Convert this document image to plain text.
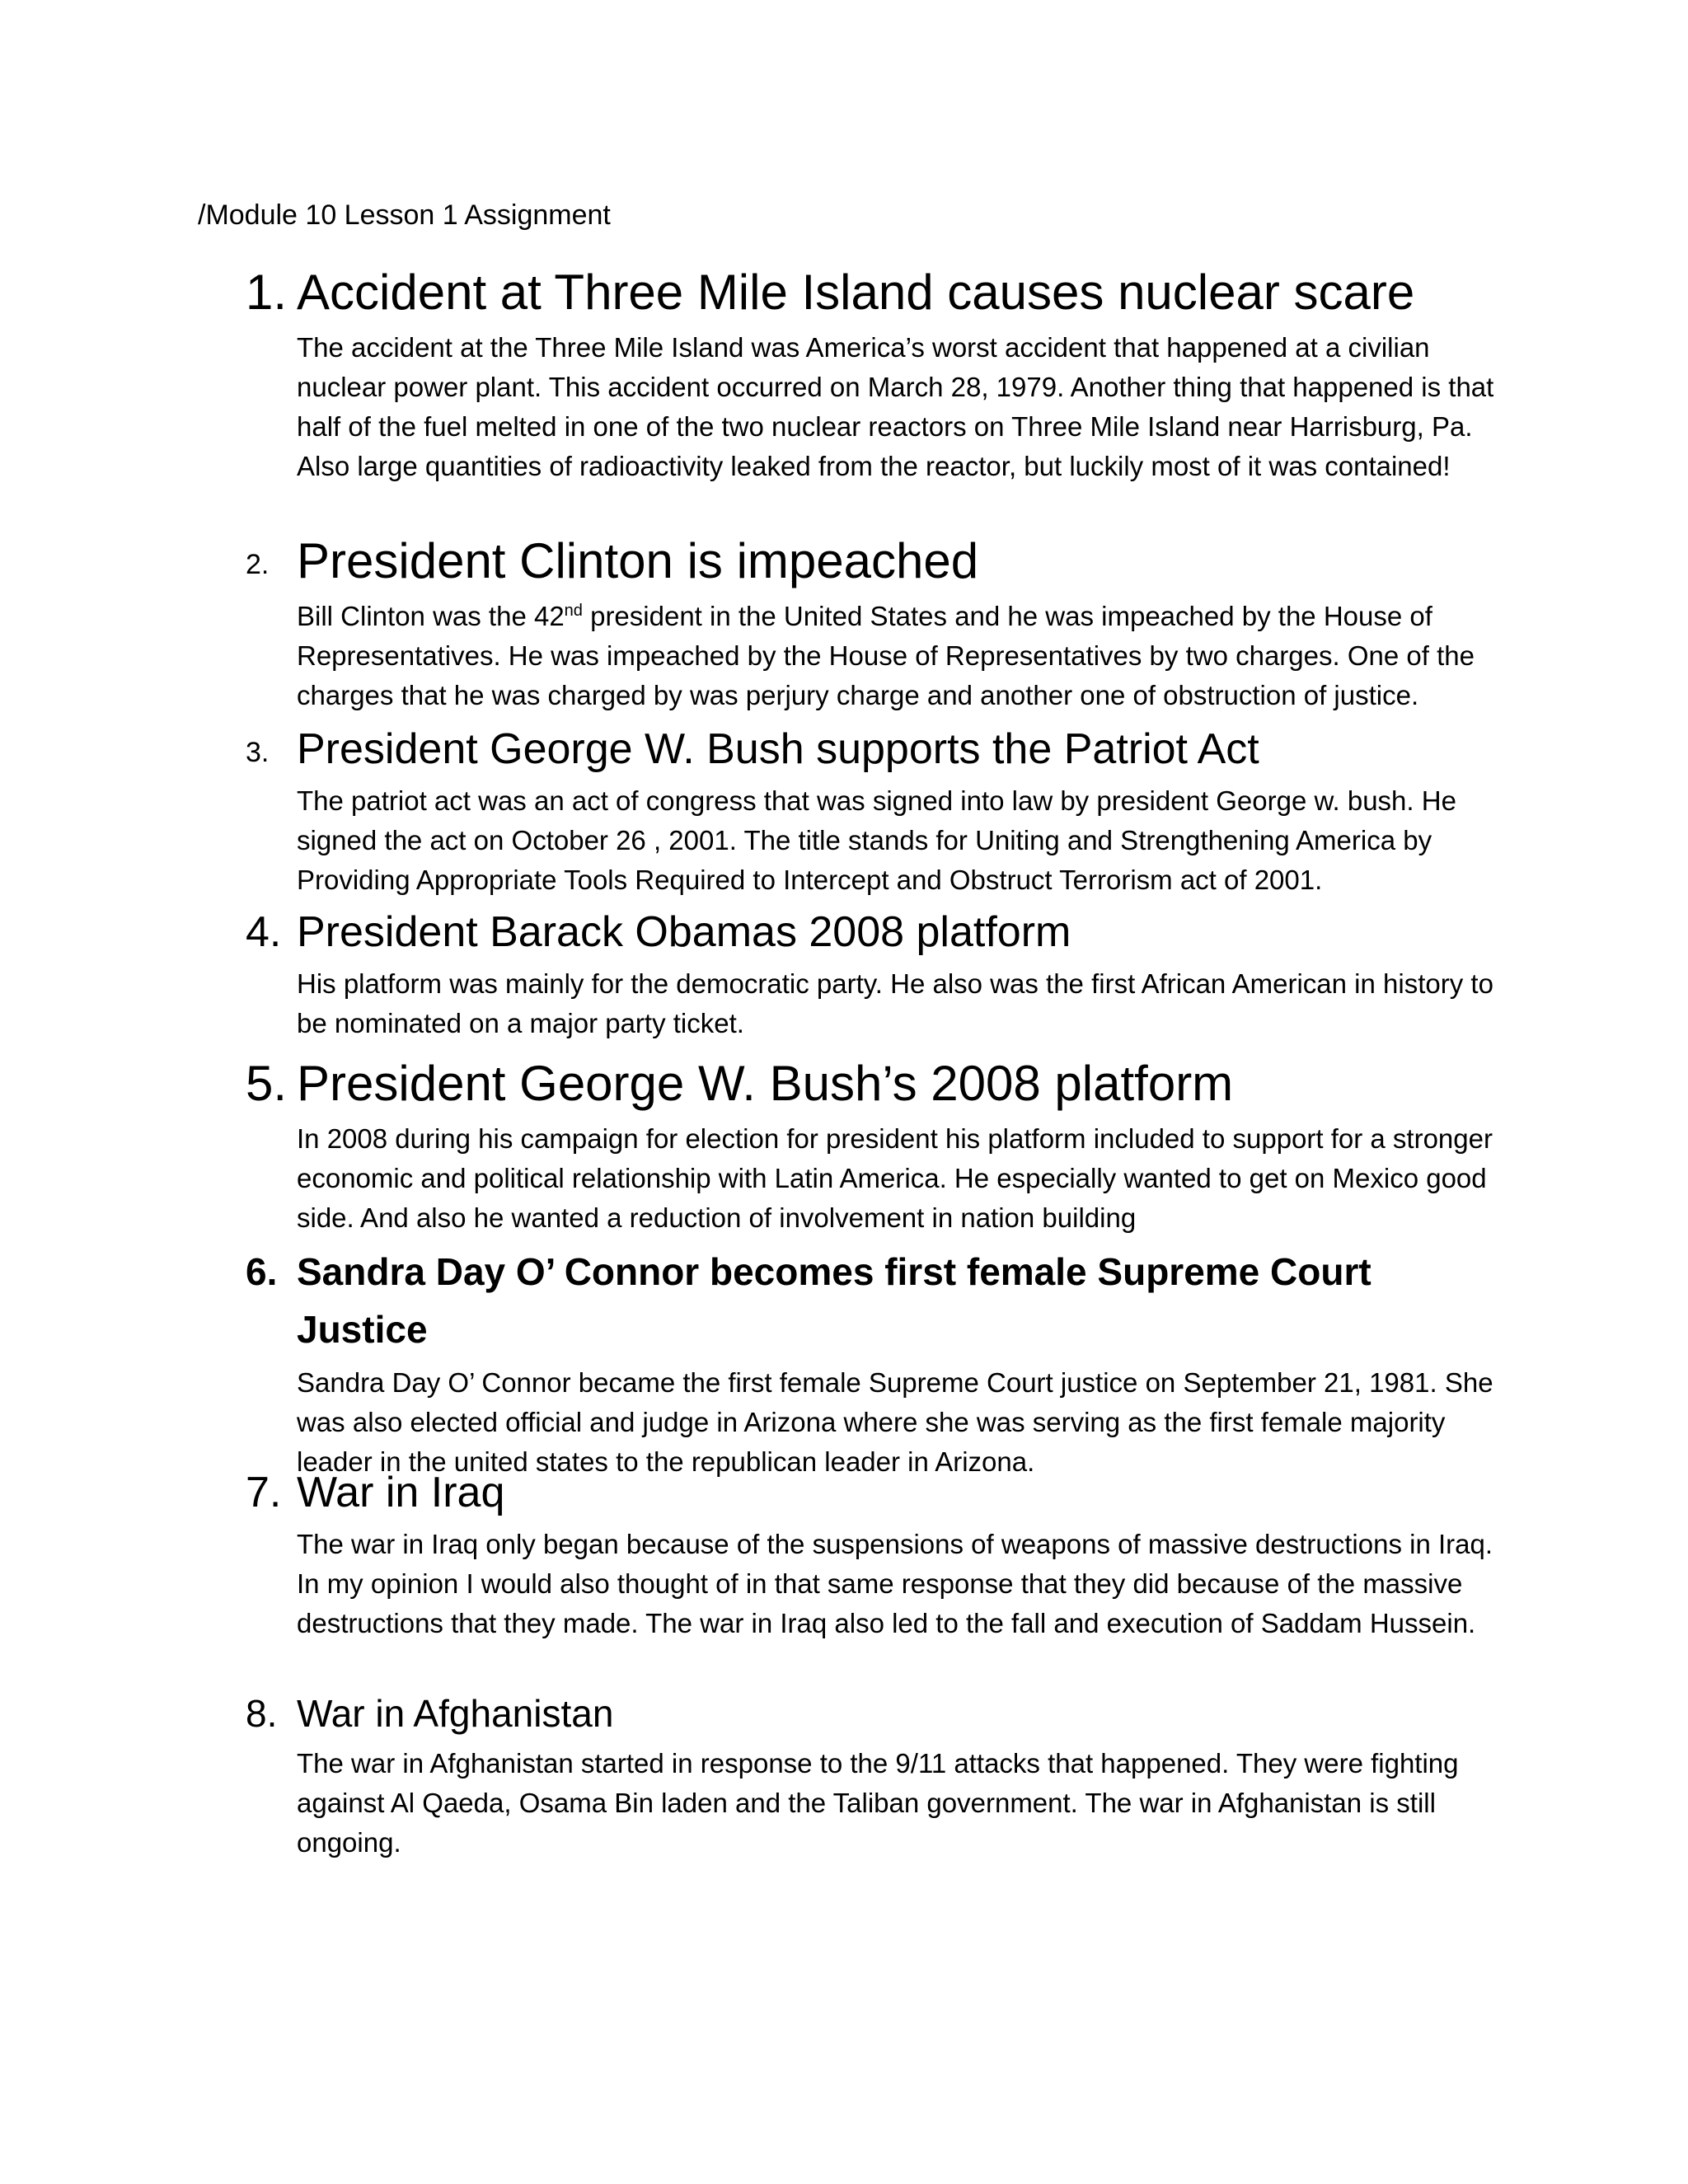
/Module 10 Lesson 1 Assignment
1. Accident at Three Mile Island causes nuclear scare
The accident at the Three Mile Island was America’s worst accident that happened at a civilian nuclear power plant. This accident occurred on March 28, 1979. Another thing that happened is that half of the fuel melted in one of the two nuclear reactors on Three Mile Island near Harrisburg, Pa. Also large quantities of radioactivity leaked from the reactor, but luckily most of it was contained!
2. President Clinton is impeached
Bill Clinton was the 42nd president in the United States and he was impeached by the House of Representatives. He was impeached by the House of Representatives by two charges. One of the charges that he was charged by was perjury charge and another one of obstruction of justice.
3. President George W. Bush supports the Patriot Act
The patriot act was an act of congress that was signed into law by president George w. bush. He signed the act on October 26 , 2001. The title stands for Uniting and Strengthening America by Providing Appropriate Tools Required to Intercept and Obstruct Terrorism act of 2001.
4. President Barack Obamas 2008 platform
His platform was mainly for the democratic party. He also was the first African American in history to be nominated on a major party ticket.
5. President George W. Bush’s 2008 platform
In 2008 during his campaign for election for president his platform included to support for a stronger economic and political relationship with Latin America. He especially wanted to get on Mexico good side. And also he wanted a reduction of involvement in nation building
6. Sandra Day O’ Connor becomes first female Supreme Court Justice
Sandra Day O’ Connor became the first female Supreme Court justice on September 21, 1981. She was also elected official and judge in Arizona where she was serving as the first female majority leader in the united states to the republican leader in Arizona.
7. War in Iraq
The war in Iraq only began because of the suspensions of weapons of massive destructions in Iraq. In my opinion I would also thought of in that same response that they did because of the massive destructions that they made. The war in Iraq also led to the fall and execution of Saddam Hussein.
8. War in Afghanistan
The war in Afghanistan started in response to the 9/11 attacks that happened. They were fighting against Al Qaeda, Osama Bin laden and the Taliban government. The war in Afghanistan is still ongoing.
